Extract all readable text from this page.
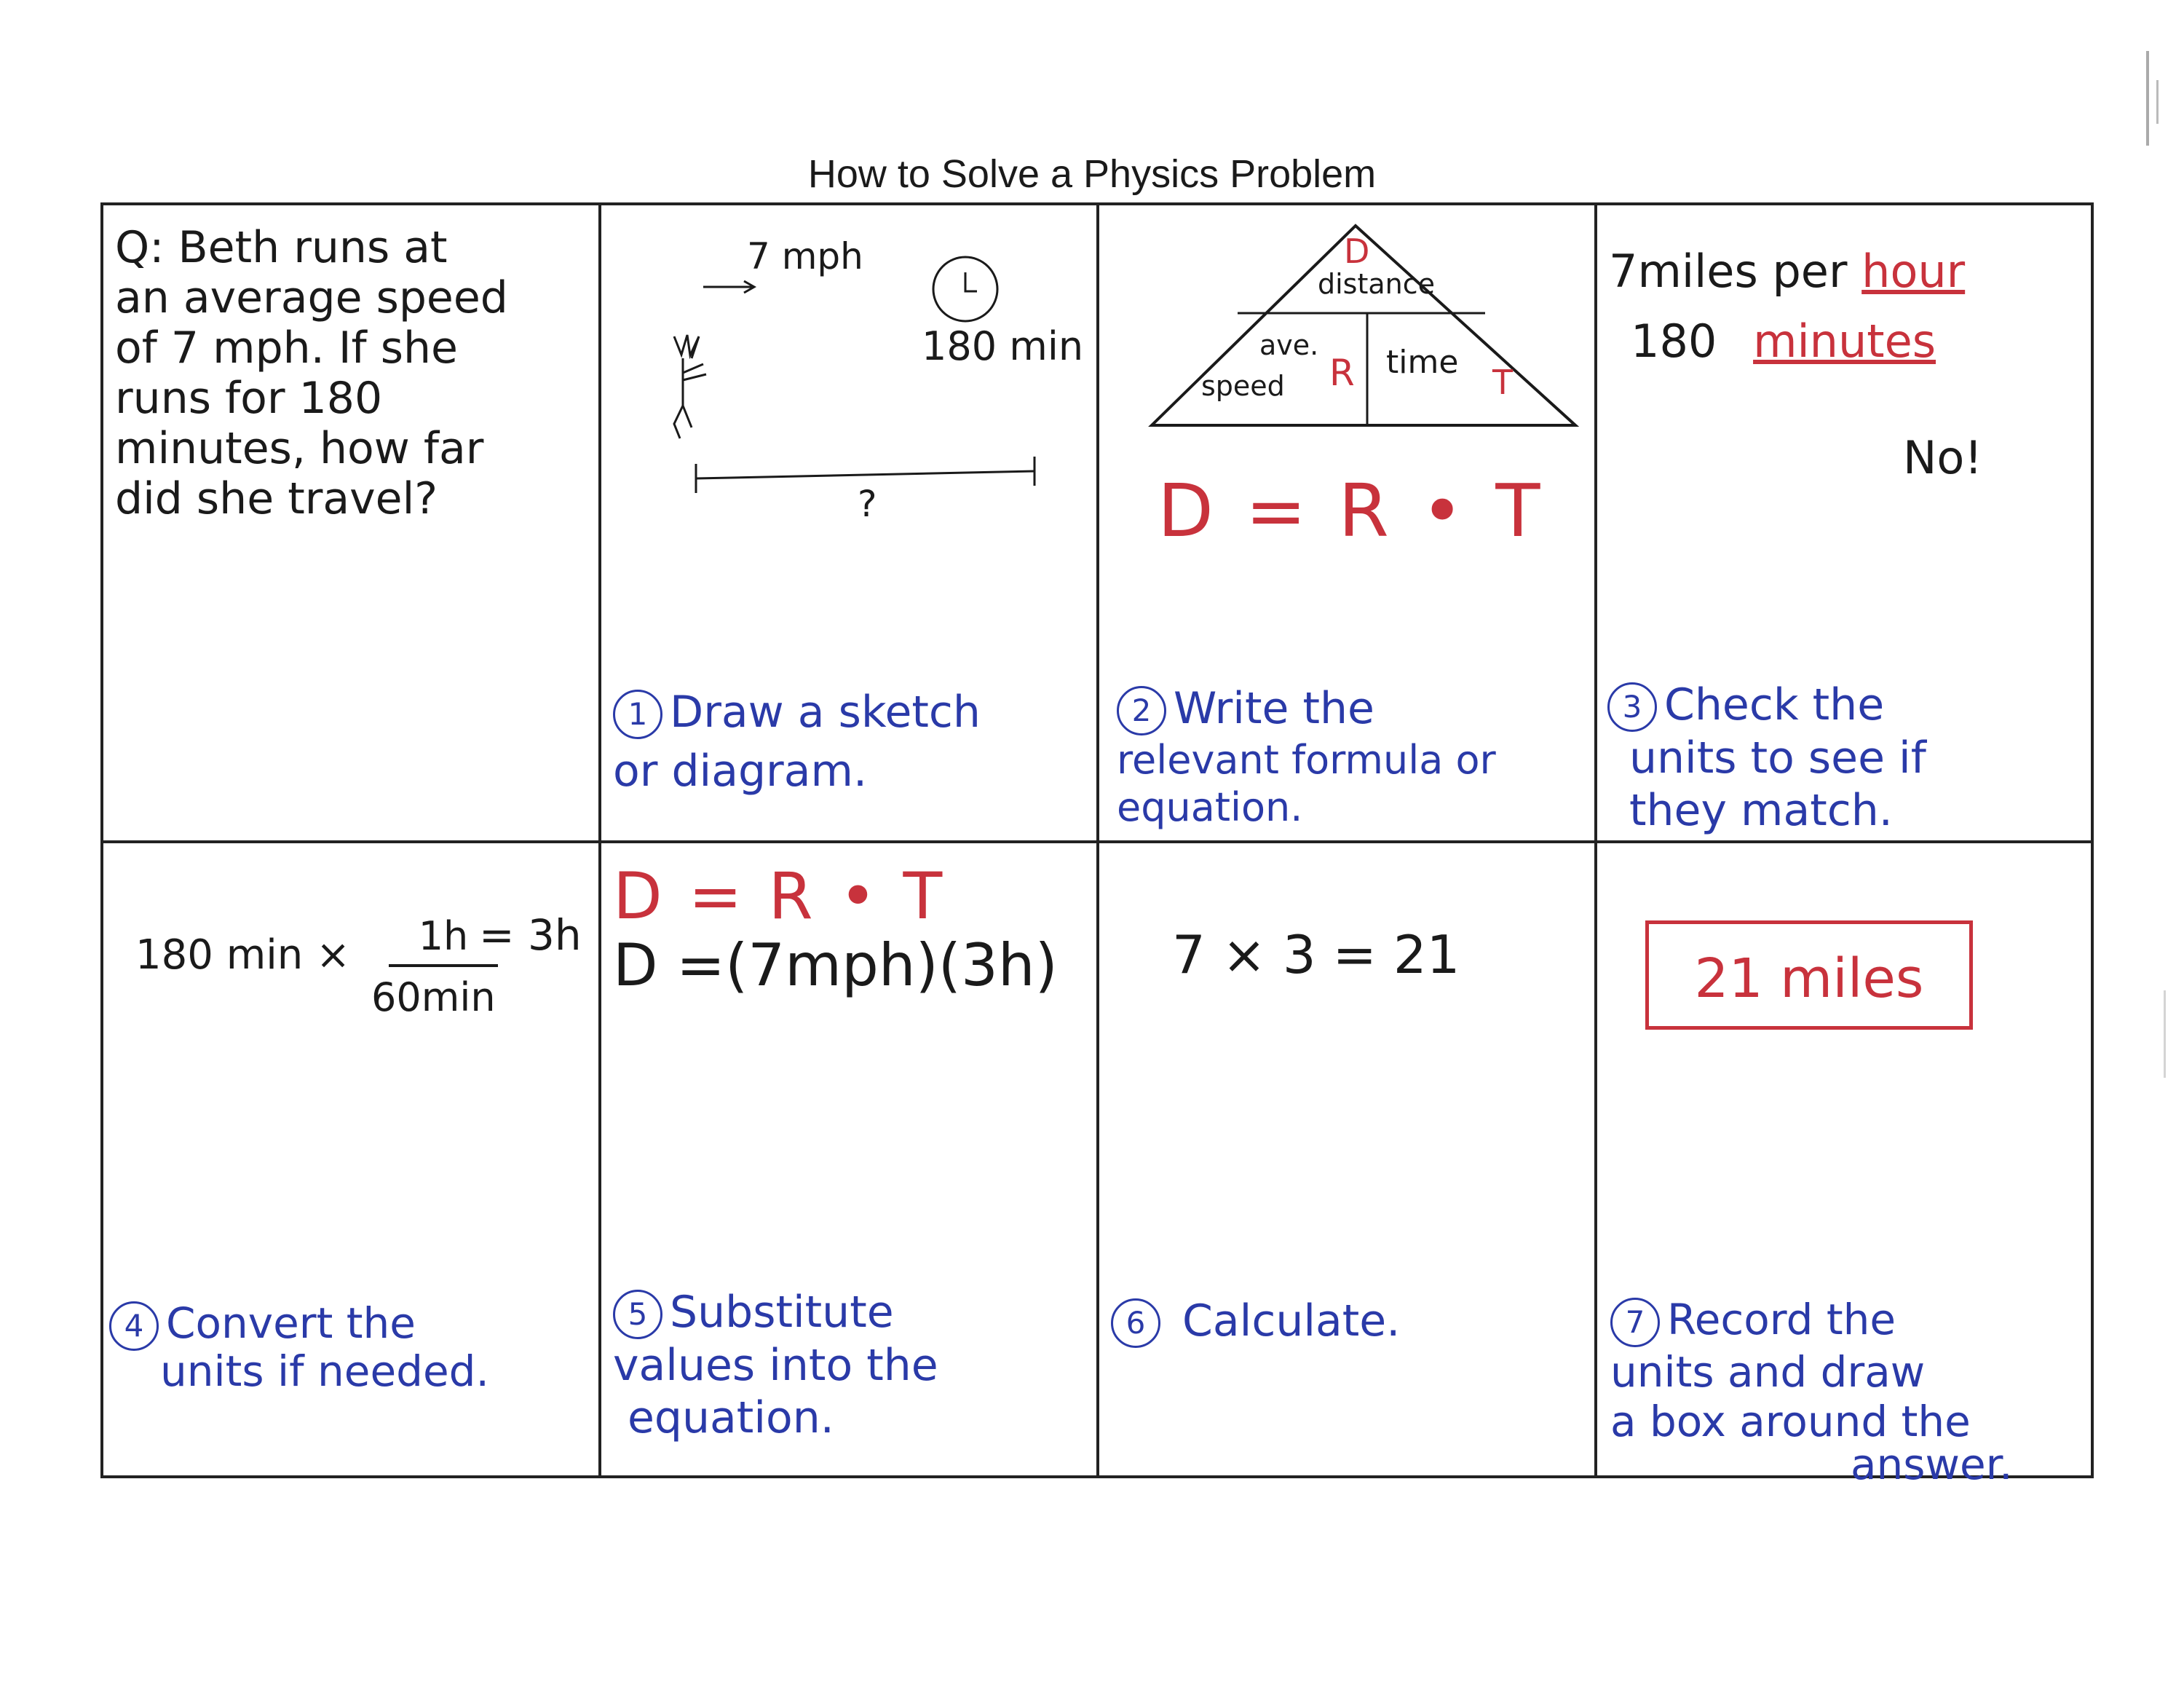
How to Solve a Physics Problem
Q: Beth runs at
an average speed
of 7 mph. If she
runs for 180
minutes, how far
did she travel?
7 mph
180 min
?
1 Draw a sketch
or diagram.
D
distance
ave.
speed R time
T
D = R • T
2 Write the
relevant formula or
equation.
7miles per hour
180 minutes
No!
3 Check the
units to see if
they match.
180 min ×	1h
60min
= 3h
4 Convert the
units if needed.
D = R • T
D =(7mph)(3h)
5 Substitute
values into the
equation.
7 × 3 = 21
6 Calculate.
21 miles
7 Record the
units and draw
a box around the
answer.
